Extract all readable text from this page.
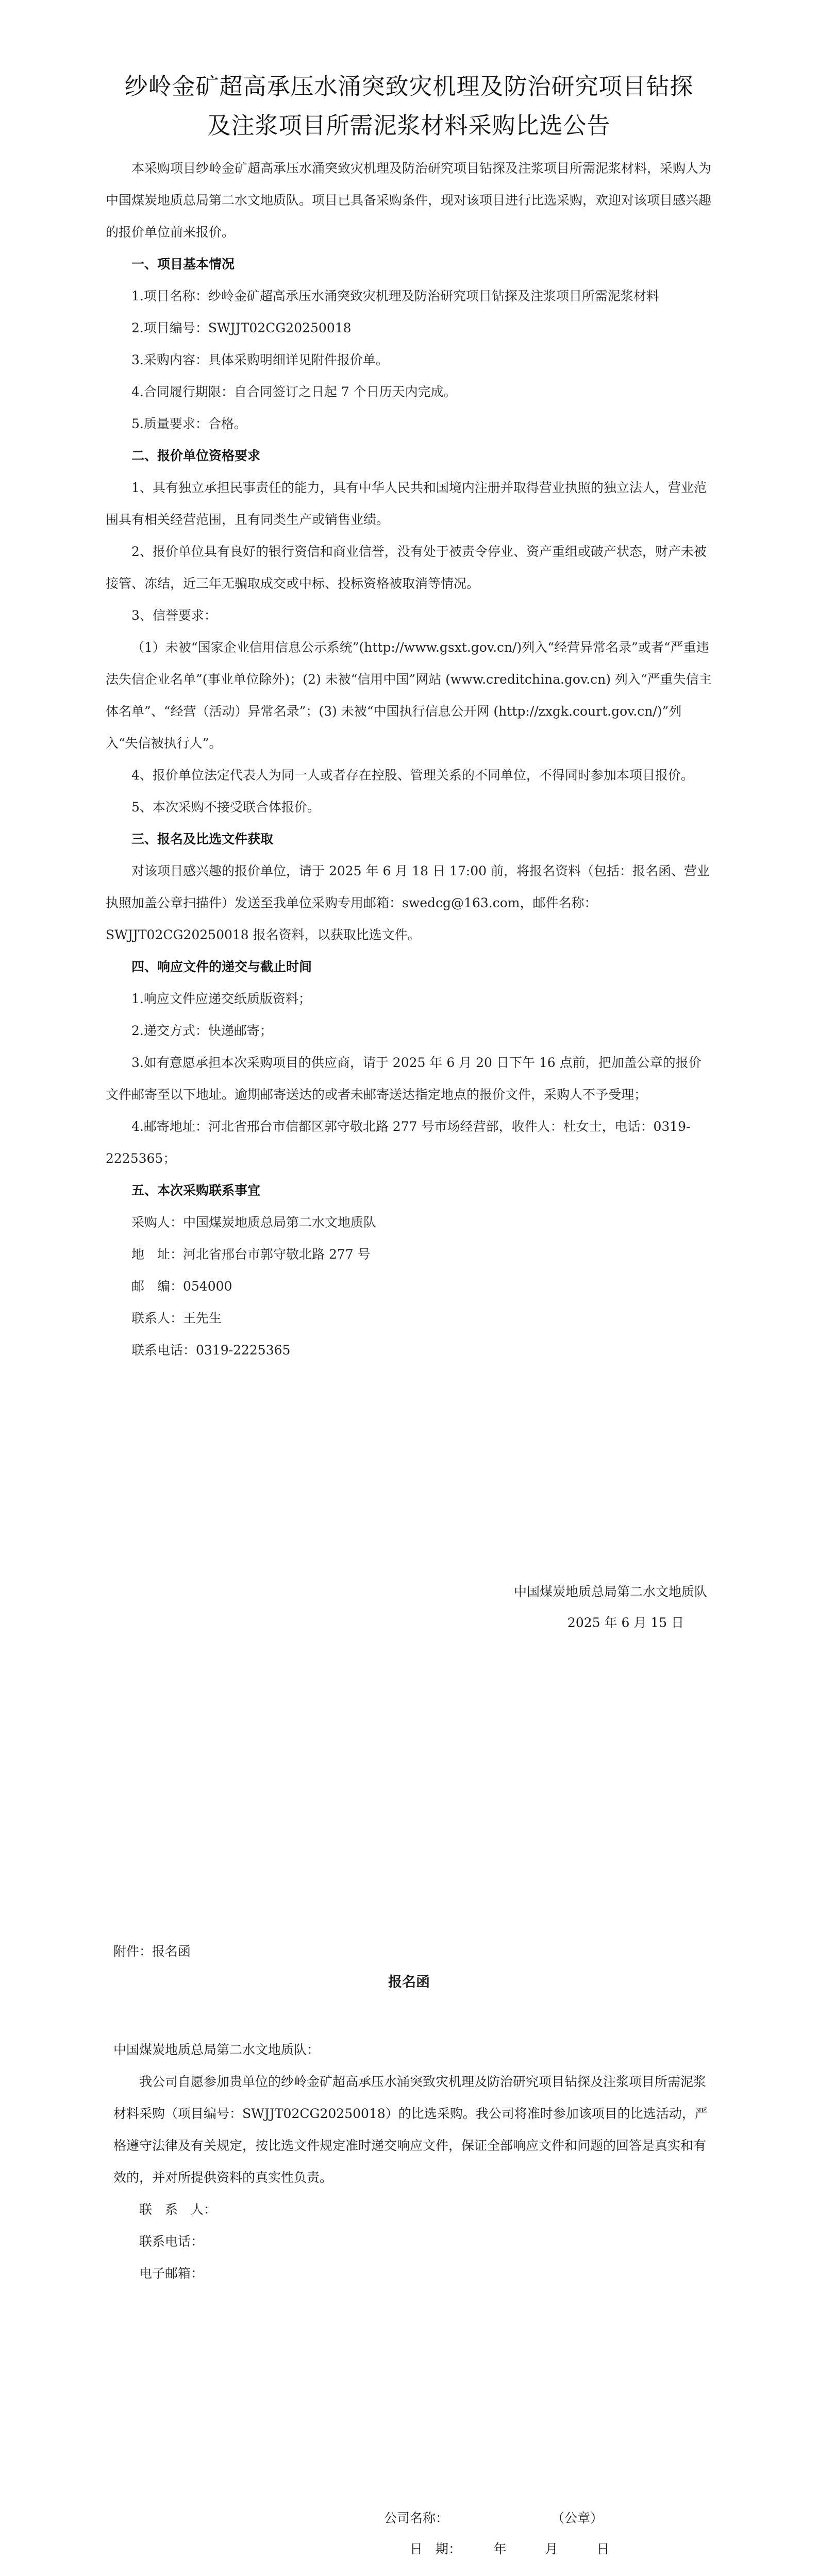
纱岭金矿超高承压水涌突致灾机理及防治研究项目钻探
及注浆项目所需泥浆材料采购比选公告

本采购项目纱岭金矿超高承压水涌突致灾机理及防治研究项目钻探及注浆项目所需泥浆材料，采购人为中国煤炭地质总局第二水文地质队。项目已具备采购条件，现对该项目进行比选采购，欢迎对该项目感兴趣的报价单位前来报价。

一、项目基本情况

1.项目名称：纱岭金矿超高承压水涌突致灾机理及防治研究项目钻探及注浆项目所需泥浆材料

2.项目编号：SWJJT02CG20250018

3.采购内容：具体采购明细详见附件报价单。

4.合同履行期限：自合同签订之日起 7 个日历天内完成。

5.质量要求：合格。

二、报价单位资格要求

1、具有独立承担民事责任的能力，具有中华人民共和国境内注册并取得营业执照的独立法人，营业范围具有相关经营范围，且有同类生产或销售业绩。

2、报价单位具有良好的银行资信和商业信誉，没有处于被责令停业、资产重组或破产状态，财产未被接管、冻结，近三年无骗取成交或中标、投标资格被取消等情况。

3、信誉要求：

（1）未被“国家企业信用信息公示系统”(http://www.gsxt.gov.cn/)列入“经营异常名录”或者“严重违法失信企业名单”(事业单位除外)；(2) 未被“信用中国”网站 (www.creditchina.gov.cn) 列入“严重失信主体名单”、“经营（活动）异常名录”；(3) 未被“中国执行信息公开网 (http://zxgk.court.gov.cn/)”列入“失信被执行人”。

4、报价单位法定代表人为同一人或者存在控股、管理关系的不同单位，不得同时参加本项目报价。

5、本次采购不接受联合体报价。

三、报名及比选文件获取

对该项目感兴趣的报价单位，请于 2025 年 6 月 18 日 17:00 前，将报名资料（包括：报名函、营业执照加盖公章扫描件）发送至我单位采购专用邮箱：swedcg@163.com，邮件名称：SWJJT02CG20250018 报名资料，以获取比选文件。

四、响应文件的递交与截止时间

1.响应文件应递交纸质版资料；

2.递交方式：快递邮寄；

3.如有意愿承担本次采购项目的供应商，请于 2025 年 6 月 20 日下午 16 点前，把加盖公章的报价文件邮寄至以下地址。逾期邮寄送达的或者未邮寄送达指定地点的报价文件，采购人不予受理；

4.邮寄地址：河北省邢台市信都区郭守敬北路 277 号市场经营部，收件人：杜女士，电话：0319-2225365；

五、本次采购联系事宜

采购人：中国煤炭地质总局第二水文地质队

地　址：河北省邢台市郭守敬北路 277 号

邮　编：054000

联系人：王先生

联系电话：0319-2225365

中国煤炭地质总局第二水文地质队

2025 年 6 月 15 日

附件：报名函
报名函

中国煤炭地质总局第二水文地质队：

我公司自愿参加贵单位的纱岭金矿超高承压水涌突致灾机理及防治研究项目钻探及注浆项目所需泥浆材料采购（项目编号：SWJJT02CG20250018）的比选采购。我公司将准时参加该项目的比选活动，严格遵守法律及有关规定，按比选文件规定准时递交响应文件，保证全部响应文件和问题的回答是真实和有效的，并对所提供资料的真实性负责。

联　系　人：

联系电话：

电子邮箱：

公司名称：　　　　　　　　　（公章）

　　日　期：　　　年　　　月　　　日
